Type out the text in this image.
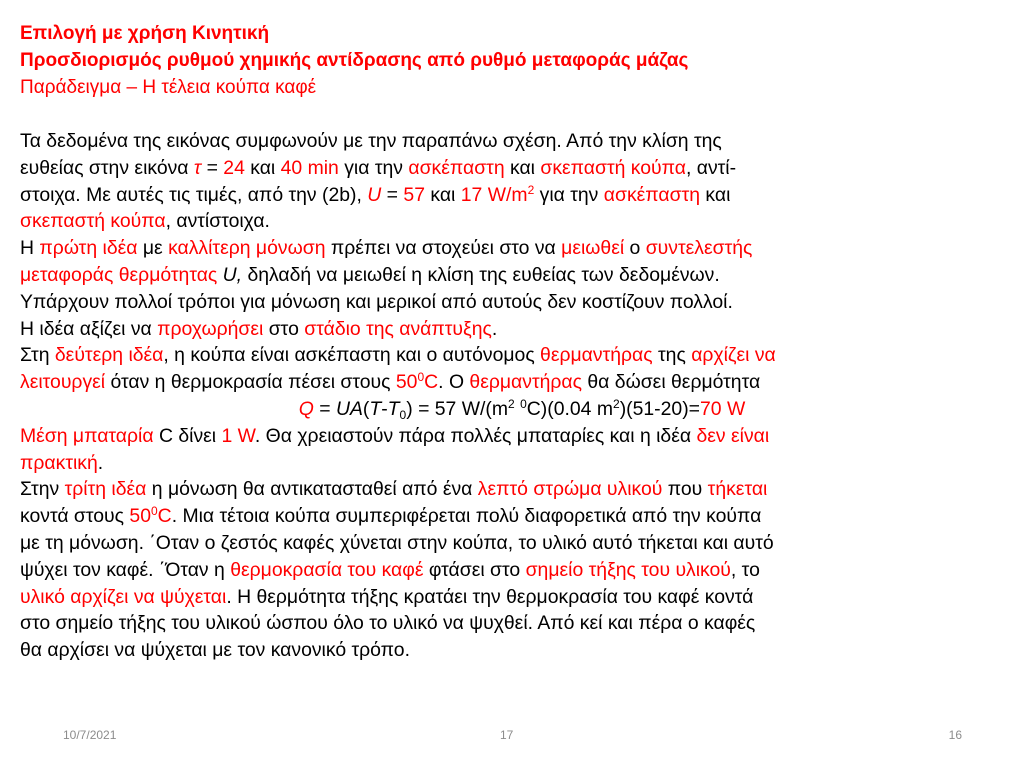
Επιλογή με χρήση Κινητική
Προσδιορισμός ρυθμού χημικής αντίδρασης από ρυθμό μεταφοράς μάζας
Παράδειγμα – Η τέλεια κούπα καφέ
Τα δεδομένα της εικόνας συμφωνούν με την παραπάνω σχέση. Από την κλίση της
ευθείας στην εικόνα τ = 24 και 40 min για την ασκέπαστη και σκεπαστή κούπα, αντί-
στοιχα. Με αυτές τις τιμές, από την (2b), U = 57 και 17 $W/m^2$ για την ασκέπαστη και
σκεπαστή κούπα, αντίστοιχα.
Η πρώτη ιδέα με καλλίτερη μόνωση πρέπει να στοχεύει στο να μειωθεί ο συντελεστής
μεταφοράς θερμότητας U, δηλαδή να μειωθεί η κλίση της ευθείας των δεδομένων.
Υπάρχουν πολλοί τρόποι για μόνωση και μερικοί από αυτούς δεν κοστίζουν πολλοί.
Η ιδέα αξίζει να προχωρήσει στο στάδιο της ανάπτυξης.
Στη δεύτερη ιδέα, η κούπα είναι ασκέπαστη και ο αυτόνομος θερμαντήρας της αρχίζει να
λειτουργεί όταν η θερμοκρασία πέσει στους $50^0C$. Ο θερμαντήρας θα δώσει θερμότητα
$Q = UA(T-T_0) = 57$ $W/(m^2$ $^0$C)(0.04 $m^2)(51-20)=70$ W
Μέση μπαταρία C δίνει 1 W. Θα χρειαστούν πάρα πολλές μπαταρίες και η ιδέα δεν είναι
πρακτική.
Στην τρίτη ιδέα η μόνωση θα αντικατασταθεί από ένα λεπτό στρώμα υλικού που τήκεται
κοντά στους $50^0C$. Μια τέτοια κούπα συμπεριφέρεται πολύ διαφορετικά από την κούπα
με τη μόνωση. ΄Οταν ο ζεστός καφές χύνεται στην κούπα, το υλικό αυτό τήκεται και αυτό
ψύχει τον καφέ. ΄Όταν η θερμοκρασία του καφέ φτάσει στο σημείο τήξης του υλικού, το
υλικό αρχίζει να ψύχεται. Η θερμότητα τήξης κρατάει την θερμοκρασία του καφέ κοντά
στο σημείο τήξης του υλικού ώσπου όλο το υλικό να ψυχθεί. Από κεί και πέρα ο καφές
θα αρχίσει να ψύχεται με τον κανονικό τρόπο.
10/7/2021	17	16
